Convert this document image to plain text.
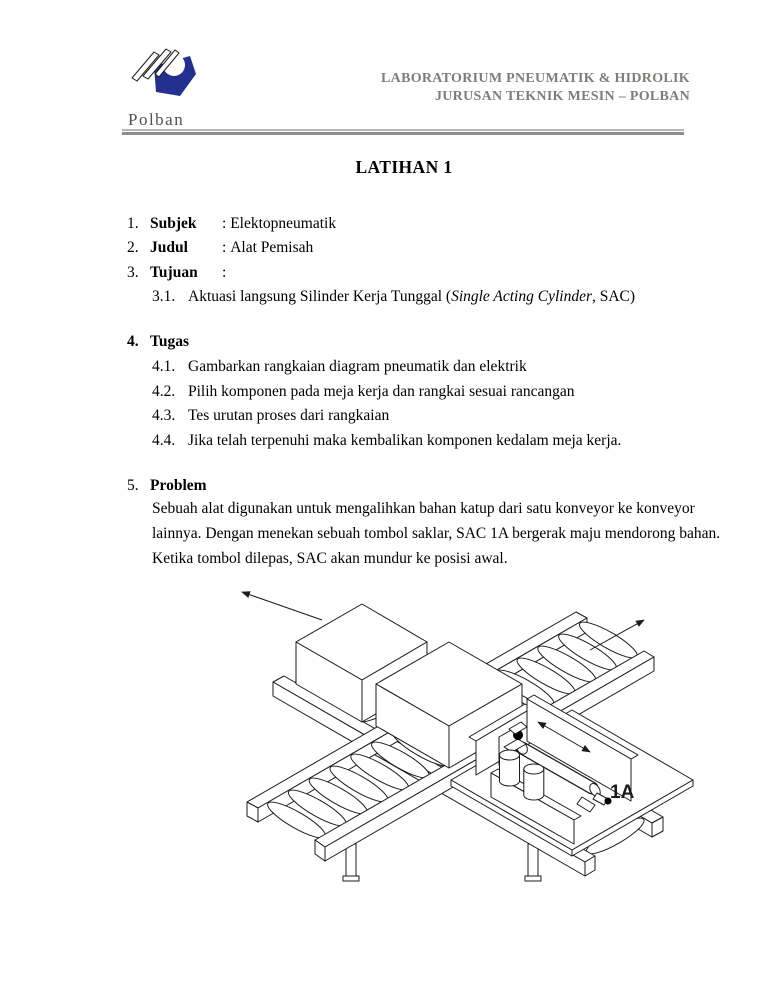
Polban
LABORATORIUM PNEUMATIK & HIDROLIK
JURUSAN TEKNIK MESIN – POLBAN
LATIHAN 1
1. Subjek	:
Elektopneumatik
2. Judul	:
Alat Pemisah
3. Tujuan	:
3.1. Aktuasi langsung Silinder Kerja Tunggal (Single Acting Cylinder, SAC)
4. Tugas
4.1. Gambarkan rangkaian diagram pneumatik dan elektrik
4.2. Pilih komponen pada meja kerja dan rangkai sesuai rancangan
4.3. Tes urutan proses dari rangkaian
4.4. Jika telah terpenuhi maka kembalikan komponen kedalam meja kerja.
5. Problem
Sebuah alat digunakan untuk mengalihkan bahan katup dari satu konveyor ke konveyor
lainnya. Dengan menekan sebuah tombol saklar, SAC 1A bergerak maju mendorong bahan.
Ketika tombol dilepas, SAC akan mundur ke posisi awal.
1A
